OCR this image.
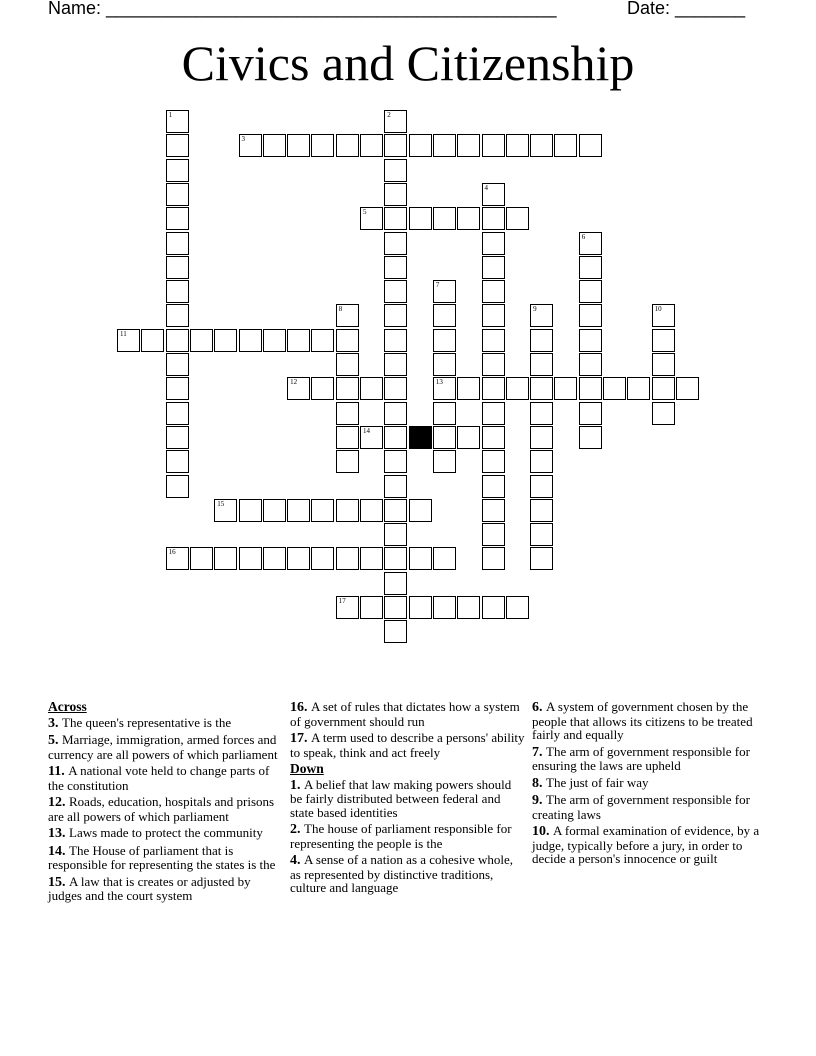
Name: _____________________________________________	Date: _______
Civics and Citizenship
1	2
3
4
5
6
7
13
8	9	10
11
12
14
15
16
17
Across
3. The queen's representative is the
5. Marriage, immigration, armed forces and currency are all powers of which parliament
11. A national vote held to change parts of the constitution
12. Roads, education, hospitals and prisons are all powers of which parliament
13. Laws made to protect the community
14. The House of parliament that is responsible for representing the states is the
15. A law that is creates or adjusted by judges and the court system
16. A set of rules that dictates how a system of government should run
17. A term used to describe a persons' ability to speak, think and act freely
Down
1. A belief that law making powers should be fairly distributed between federal and state based identities
2. The house of parliament responsible for representing the people is the
4. A sense of a nation as a cohesive whole, as represented by distinctive traditions, culture and language
6. A system of government chosen by the people that allows its citizens to be treated fairly and equally
7. The arm of government responsible for ensuring the laws are upheld
8. The just of fair way
9. The arm of government responsible for creating laws
10. A formal examination of evidence, by a judge, typically before a jury, in order to decide a person's innocence or guilt
